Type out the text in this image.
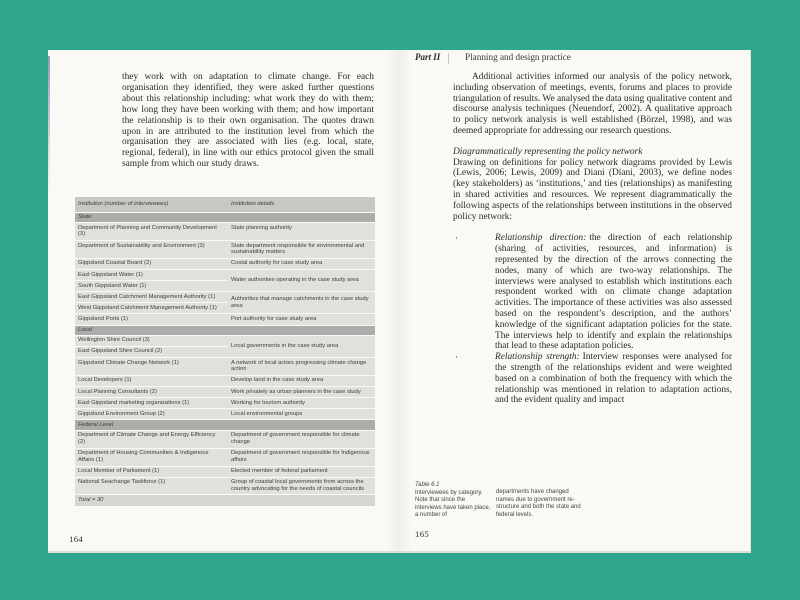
they work with on adaptation to climate change. For each organisation they identified, they were asked further questions about this relationship including: what work they do with them; how long they have been working with them; and how important the relationship is to their own organisation. The quotes drawn upon in are attributed to the institution level from which the organisation they are associated with lies (e.g. local, state, regional, federal), in line with our ethics protocol given the small sample from which our study draws.
Institution (number of interviewees)	Institution details
State	
Department of Planning and Community Development (3)	State planning authority
Department of Sustainability and Environment (3)	State department responsible for environmental and sustainability matters
Gippsland Coastal Board (2)	Costal authority for case study area
East Gippsland Water (1)	Water authorities operating in the case study area
South Gippsland Water (1)	
East Gippsland Catchment Management Authority (1)	Authorities that manage catchments in the case study area
West Gippsland Catchment Management Authority (1)	
Gippsland Ports (1)	Port authority for case study area
Local	
Wellington Shire Council (3)	Local governments in the case study area
East Gippsland Shire Council (2)	
Gippsland Climate Change Network (1)	A network of local actors progressing climate change action
Local Developers (1)	Develop land in the case study area
Local Planning Consultants (2)	Work privately as urban planners in the case study
East Gippsland marketing organizations (1)	Working for tourism authority
Gippsland Environment Group (2)	Local environmental groups
Federal Level	
Department of Climate Change and Energy Efficiency (2)	Department of government responsible for climate change
Department of Housing Communities & Indigenous Affairs (1)	Department of government responsible for Indigenous affairs
Local Member of Parliament (1)	Elected member of federal parliament
National Seachange Taskforce (1)	Group of coastal local governments from across the country advocating for the needs of coastal councils
Total = 30	
164
Part II	Planning and design practice

Additional activities informed our analysis of the policy network, including observation of meetings, events, forums and places to provide triangulation of results. We analysed the data using qualitative content and discourse analysis techniques (Neuendorf, 2002). A qualitative approach to policy network analysis is well established (Börzel, 1998), and was deemed appropriate for addressing our research questions.

Diagrammatically representing the policy network

Drawing on definitions for policy network diagrams provided by Lewis (Lewis, 2006; Lewis, 2009) and Diani (Diani, 2003), we define nodes (key stakeholders) as ‘institutions,’ and ties (relationships) as manifesting in shared activities and resources. We represent diagrammatically the following aspects of the relationships between institutions in the observed policy network:

·	Relationship direction: the direction of each relationship (sharing of activities, resources, and information) is represented by the direction of the arrows connecting the nodes, many of which are two-way relationships. The interviews were analysed to establish which institutions each respondent worked with on climate change adaptation activities. The importance of these activities was also assessed based on the respondent’s description, and the authors’ knowledge of the significant adaptation policies for the state. The interviews help to identify and explain the relationships that lead to these adaptation policies.
·	Relationship strength: Interview responses were analysed for the strength of the relationships evident and were weighted based on a combination of both the frequency with which the relationship was mentioned in relation to adaptation actions, and the evident quality and impact
Table 6.1
Interviewees by category. Note that since the interviews have taken place, a number of
departments have changed names due to government re-structure and both the state and federal levels.
165
